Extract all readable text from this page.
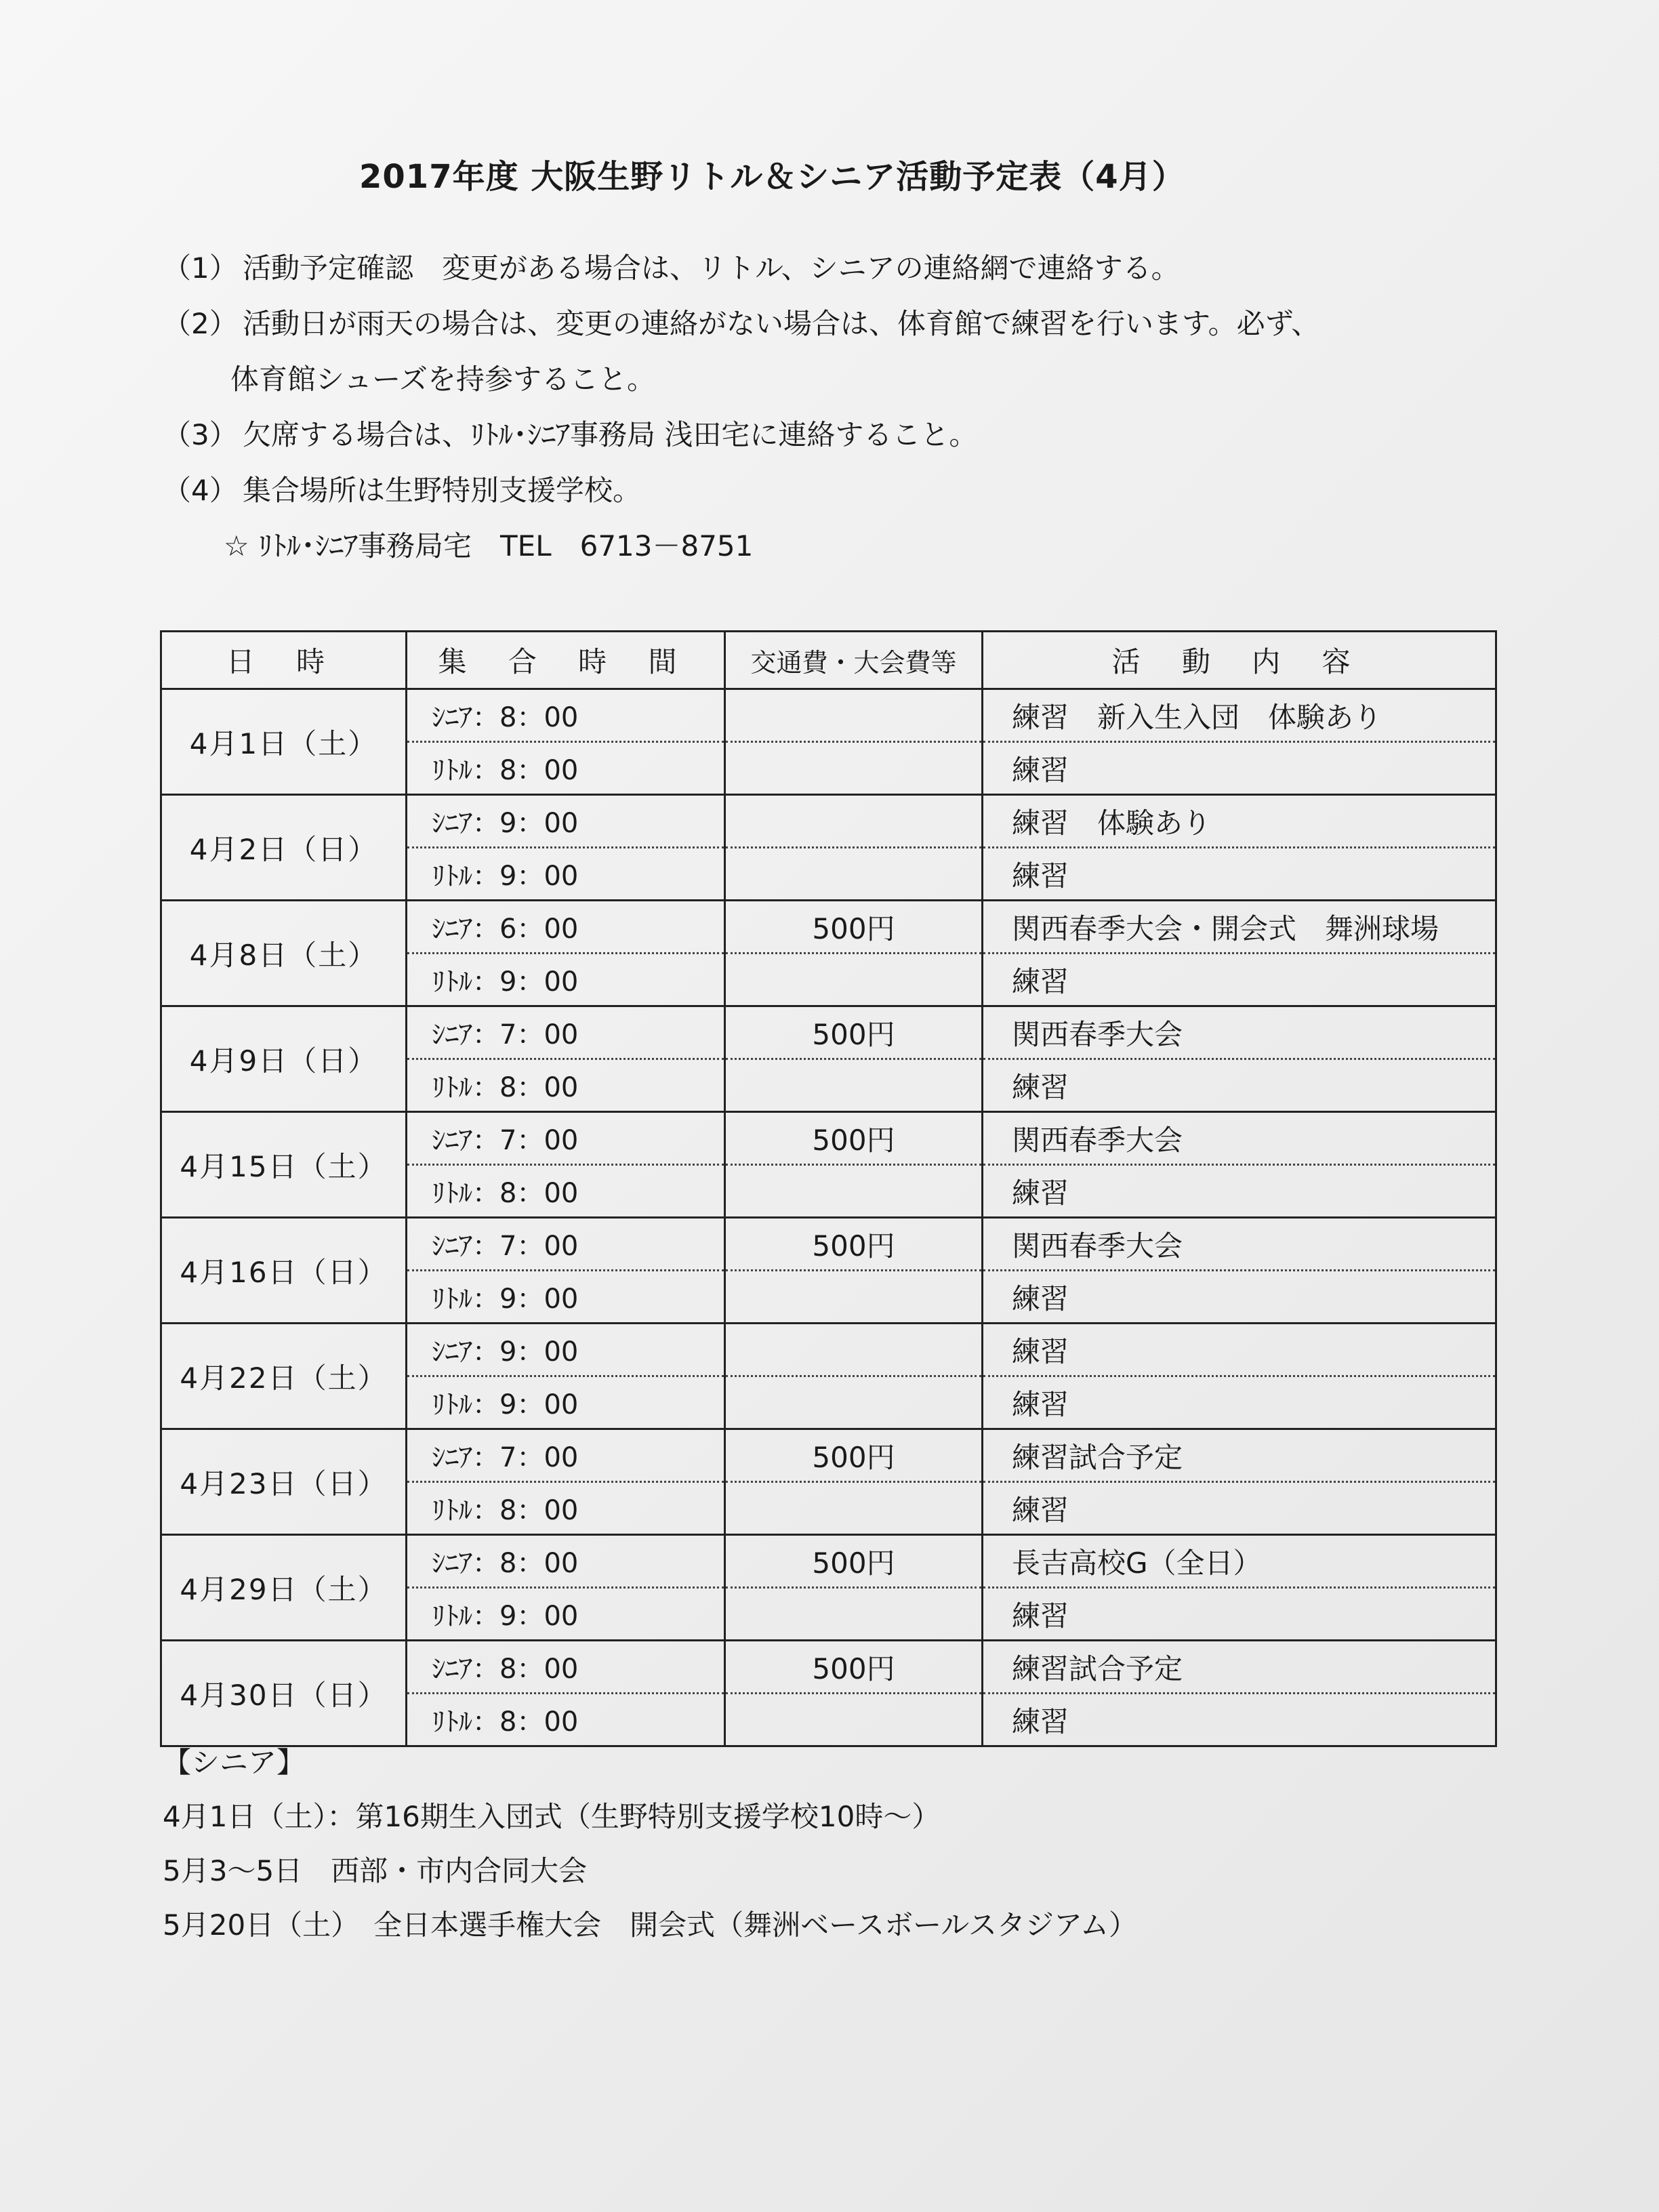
2017年度 大阪生野リトル＆シニア活動予定表（4月）
（1） 活動予定確認　変更がある場合は、リトル、シニアの連絡網で連絡する。
（2） 活動日が雨天の場合は、変更の連絡がない場合は、体育館で練習を行います。必ず、
体育館シューズを持参すること。
（3） 欠席する場合は、ﾘﾄﾙ･ｼﾆｱ事務局 浅田宅に連絡すること。
（4） 集合場所は生野特別支援学校。
☆ ﾘﾄﾙ･ｼﾆｱ事務局宅　TEL　6713－8751
日 時	集 合 時 間	交通費・大会費等	活 動 内 容
4月1日（土）	ｼﾆｱ：8：00		練習　新入生入団　体験あり
	ﾘﾄﾙ：8：00		練習
4月2日（日）	ｼﾆｱ：9：00		練習　体験あり
	ﾘﾄﾙ：9：00		練習
4月8日（土）	ｼﾆｱ：6：00	500円	関西春季大会・開会式　舞洲球場
	ﾘﾄﾙ：9：00		練習
4月9日（日）	ｼﾆｱ：7：00	500円	関西春季大会
	ﾘﾄﾙ：8：00		練習
4月15日（土）	ｼﾆｱ：7：00	500円	関西春季大会
	ﾘﾄﾙ：8：00		練習
4月16日（日）	ｼﾆｱ：7：00	500円	関西春季大会
	ﾘﾄﾙ：9：00		練習
4月22日（土）	ｼﾆｱ：9：00		練習
	ﾘﾄﾙ：9：00		練習
4月23日（日）	ｼﾆｱ：7：00	500円	練習試合予定
	ﾘﾄﾙ：8：00		練習
4月29日（土）	ｼﾆｱ：8：00	500円	長吉高校G（全日）
	ﾘﾄﾙ：9：00		練習
4月30日（日）	ｼﾆｱ：8：00	500円	練習試合予定
	ﾘﾄﾙ：8：00		練習
【シニア】
4月1日（土）：第16期生入団式（生野特別支援学校10時～）
5月3～5日　西部・市内合同大会
5月20日（土）　全日本選手権大会　開会式（舞洲ベースボールスタジアム）
